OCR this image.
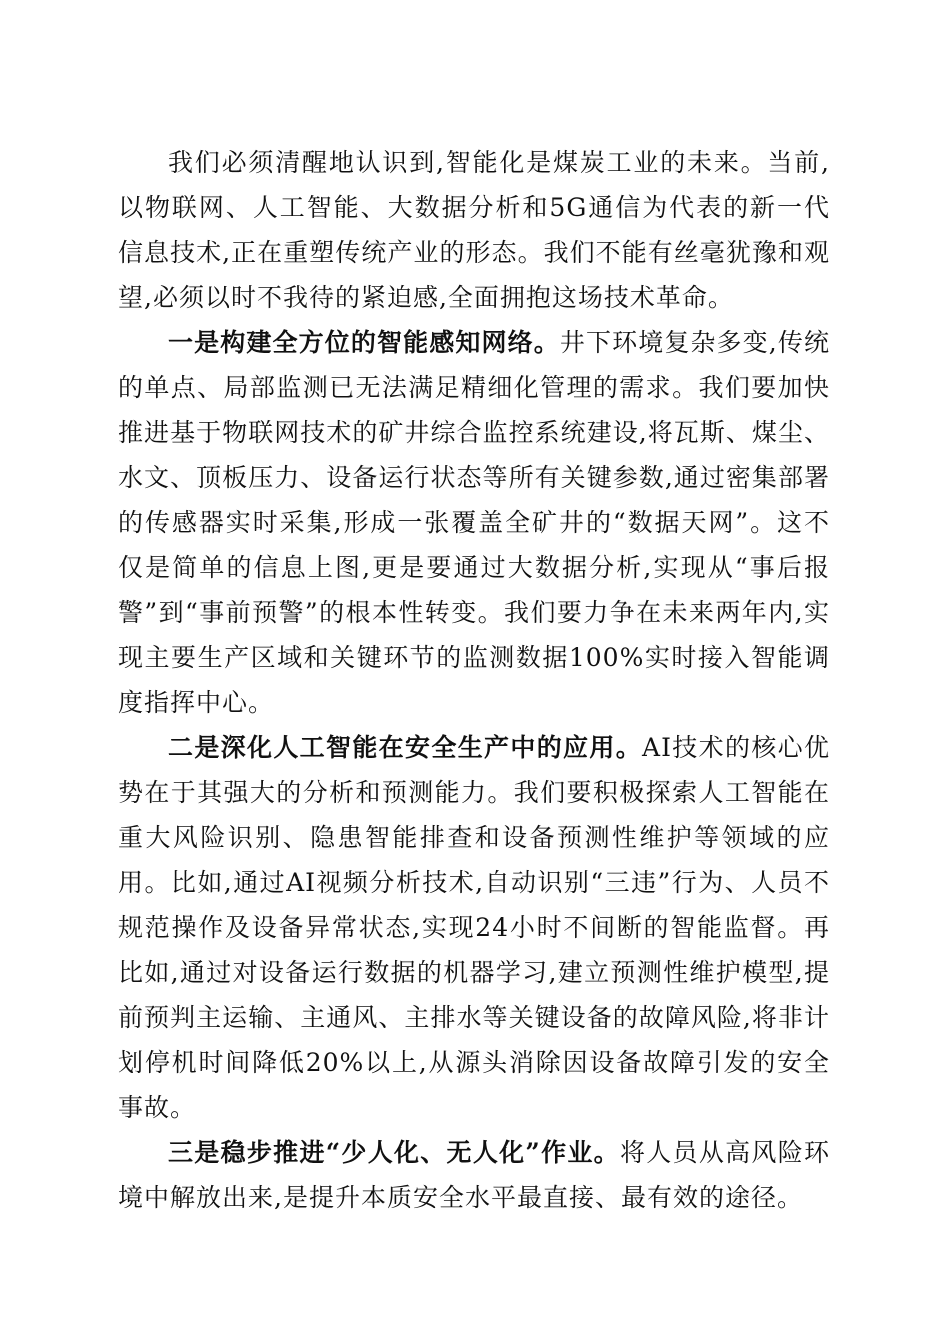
我们必须清醒地认识到,智能化是煤炭工业的未来。当前,以物联网、人工智能、大数据分析和5G通信为代表的新一代信息技术,正在重塑传统产业的形态。我们不能有丝毫犹豫和观望,必须以时不我待的紧迫感,全面拥抱这场技术革命。

一是构建全方位的智能感知网络。井下环境复杂多变,传统的单点、局部监测已无法满足精细化管理的需求。我们要加快推进基于物联网技术的矿井综合监控系统建设,将瓦斯、煤尘、水文、顶板压力、设备运行状态等所有关键参数,通过密集部署的传感器实时采集,形成一张覆盖全矿井的“数据天网”。这不仅是简单的信息上图,更是要通过大数据分析,实现从“事后报警”到“事前预警”的根本性转变。我们要力争在未来两年内,实现主要生产区域和关键环节的监测数据100%实时接入智能调度指挥中心。

二是深化人工智能在安全生产中的应用。AI技术的核心优势在于其强大的分析和预测能力。我们要积极探索人工智能在重大风险识别、隐患智能排查和设备预测性维护等领域的应用。比如,通过AI视频分析技术,自动识别“三违”行为、人员不规范操作及设备异常状态,实现24小时不间断的智能监督。再比如,通过对设备运行数据的机器学习,建立预测性维护模型,提前预判主运输、主通风、主排水等关键设备的故障风险,将非计划停机时间降低20%以上,从源头消除因设备故障引发的安全事故。

三是稳步推进“少人化、无人化”作业。将人员从高风险环境中解放出来,是提升本质安全水平最直接、最有效的途径。
